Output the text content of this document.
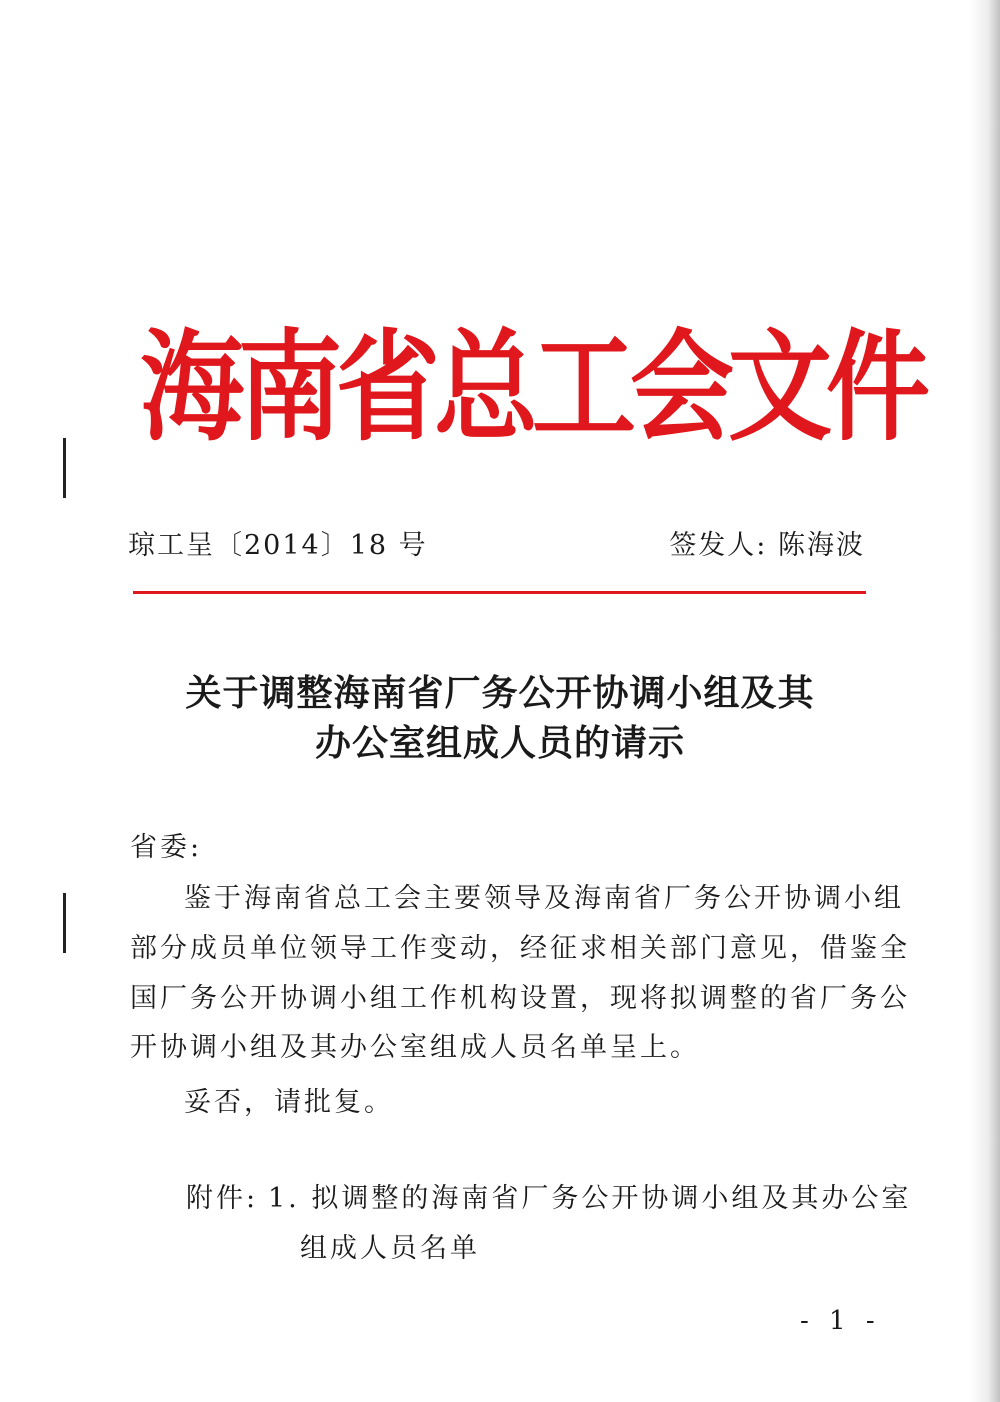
海南省总工会文件
琼工呈〔2014〕18 号	签发人: 陈海波
关于调整海南省厂务公开协调小组及其
办公室组成人员的请示
省委:
鉴于海南省总工会主要领导及海南省厂务公开协调小组
部分成员单位领导工作变动，经征求相关部门意见，借鉴全
国厂务公开协调小组工作机构设置，现将拟调整的省厂务公
开协调小组及其办公室组成人员名单呈上。
妥否，请批复。
附件: 1. 拟调整的海南省厂务公开协调小组及其办公室
组成人员名单
- 1 -
